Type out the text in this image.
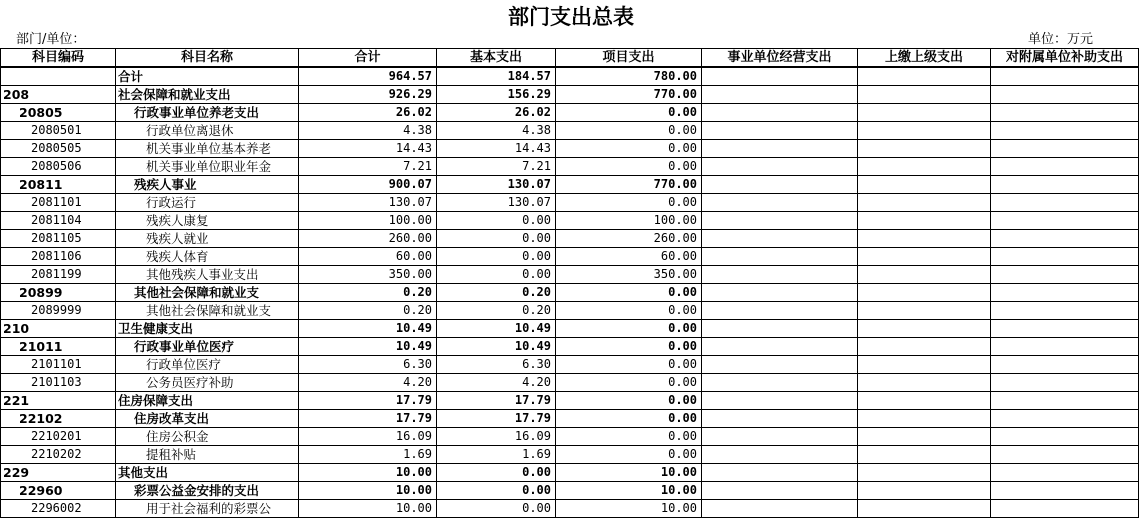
部门支出总表
部门/单位：	单位：万元
科目编码	科目名称	合计	基本支出	项目支出	事业单位经营支出	上缴上级支出	对附属单位补助支出
	合计	964.57	184.57	780.00			
208	社会保障和就业支出	926.29	156.29	770.00			
20805	行政事业单位养老支出	26.02	26.02	0.00			
2080501	行政单位离退休	4.38	4.38	0.00			
2080505	机关事业单位基本养老	14.43	14.43	0.00			
2080506	机关事业单位职业年金	7.21	7.21	0.00			
20811	残疾人事业	900.07	130.07	770.00			
2081101	行政运行	130.07	130.07	0.00			
2081104	残疾人康复	100.00	0.00	100.00			
2081105	残疾人就业	260.00	0.00	260.00			
2081106	残疾人体育	60.00	0.00	60.00			
2081199	其他残疾人事业支出	350.00	0.00	350.00			
20899	其他社会保障和就业支	0.20	0.20	0.00			
2089999	其他社会保障和就业支	0.20	0.20	0.00			
210	卫生健康支出	10.49	10.49	0.00			
21011	行政事业单位医疗	10.49	10.49	0.00			
2101101	行政单位医疗	6.30	6.30	0.00			
2101103	公务员医疗补助	4.20	4.20	0.00			
221	住房保障支出	17.79	17.79	0.00			
22102	住房改革支出	17.79	17.79	0.00			
2210201	住房公积金	16.09	16.09	0.00			
2210202	提租补贴	1.69	1.69	0.00			
229	其他支出	10.00	0.00	10.00			
22960	彩票公益金安排的支出	10.00	0.00	10.00			
2296002	用于社会福利的彩票公	10.00	0.00	10.00			
